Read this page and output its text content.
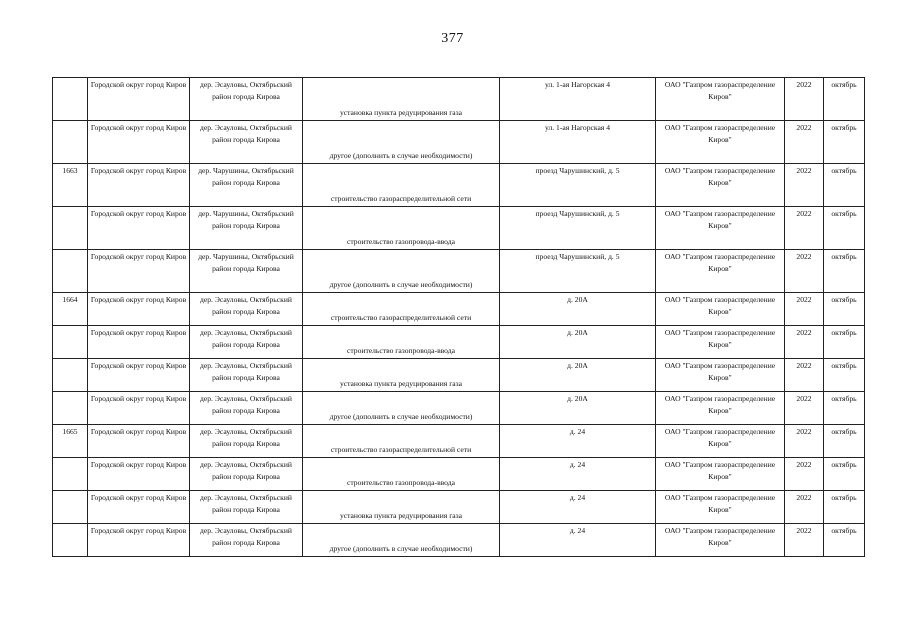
377
	Городской округ город Киров	дер. Эсауловы, Октябрьский район города Кирова	установка пункта редуцирования газа	ул. 1-ая Нагорская 4	ОАО "Газпром газораспределение Киров"	2022	октябрь
	Городской округ город Киров	дер. Эсауловы, Октябрьский район города Кирова	другое (дополнить в случае необходимости)	ул. 1-ая Нагорская 4	ОАО "Газпром газораспределение Киров"	2022	октябрь
1663	Городской округ город Киров	дер. Чарушины, Октябрьский район города Кирова	строительство газораспределительной сети	проезд Чарушинский, д. 5	ОАО "Газпром газораспределение Киров"	2022	октябрь
	Городской округ город Киров	дер. Чарушины, Октябрьский район города Кирова	строительство газопровода-ввода	проезд Чарушинский, д. 5	ОАО "Газпром газораспределение Киров"	2022	октябрь
	Городской округ город Киров	дер. Чарушины, Октябрьский район города Кирова	другое (дополнить в случае необходимости)	проезд Чарушинский, д. 5	ОАО "Газпром газораспределение Киров"	2022	октябрь
1664	Городской округ город Киров	дер. Эсауловы, Октябрьский район города Кирова	строительство газораспределительной сети	д. 20А	ОАО "Газпром газораспределение Киров"	2022	октябрь
	Городской округ город Киров	дер. Эсауловы, Октябрьский район города Кирова	строительство газопровода-ввода	д. 20А	ОАО "Газпром газораспределение Киров"	2022	октябрь
	Городской округ город Киров	дер. Эсауловы, Октябрьский район города Кирова	установка пункта редуцирования газа	д. 20А	ОАО "Газпром газораспределение Киров"	2022	октябрь
	Городской округ город Киров	дер. Эсауловы, Октябрьский район города Кирова	другое (дополнить в случае необходимости)	д. 20А	ОАО "Газпром газораспределение Киров"	2022	октябрь
1665	Городской округ город Киров	дер. Эсауловы, Октябрьский район города Кирова	строительство газораспределительной сети	д. 24	ОАО "Газпром газораспределение Киров"	2022	октябрь
	Городской округ город Киров	дер. Эсауловы, Октябрьский район города Кирова	строительство газопровода-ввода	д. 24	ОАО "Газпром газораспределение Киров"	2022	октябрь
	Городской округ город Киров	дер. Эсауловы, Октябрьский район города Кирова	установка пункта редуцирования газа	д. 24	ОАО "Газпром газораспределение Киров"	2022	октябрь
	Городской округ город Киров	дер. Эсауловы, Октябрьский район города Кирова	другое (дополнить в случае необходимости)	д. 24	ОАО "Газпром газораспределение Киров"	2022	октябрь
